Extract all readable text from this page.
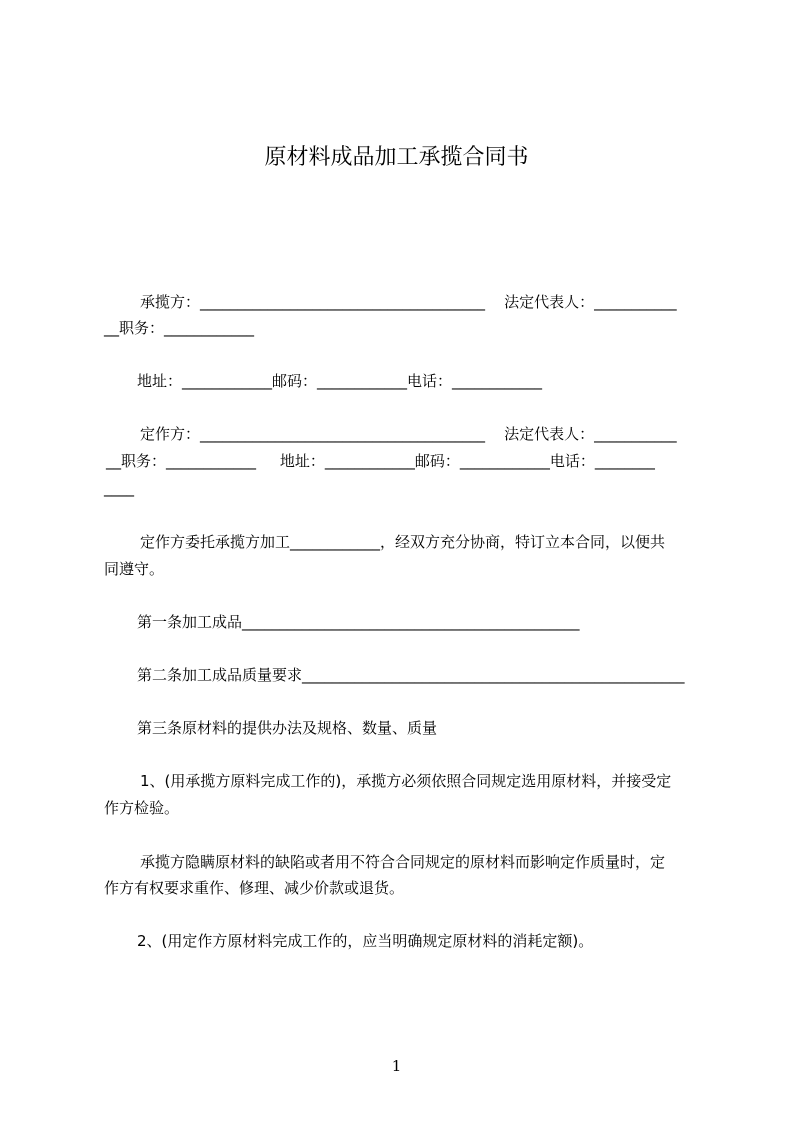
原材料成品加工承揽合同书
承揽方：______________________________________    法定代表人：___________
__职务：____________
地址：____________邮码：____________电话：____________
定作方：______________________________________    法定代表人：___________
__职务：____________     地址：____________邮码：____________电话：________
____
定作方委托承揽方加工____________，经双方充分协商，特订立本合同，以便共
同遵守。
第一条加工成品_____________________________________________
第二条加工成品质量要求___________________________________________________
第三条原材料的提供办法及规格、数量、质量
1、(用承揽方原料完成工作的)，承揽方必须依照合同规定选用原材料，并接受定
作方检验。
承揽方隐瞒原材料的缺陷或者用不符合合同规定的原材料而影响定作质量时，定
作方有权要求重作、修理、减少价款或退货。
2、(用定作方原材料完成工作的，应当明确规定原材料的消耗定额)。
1
